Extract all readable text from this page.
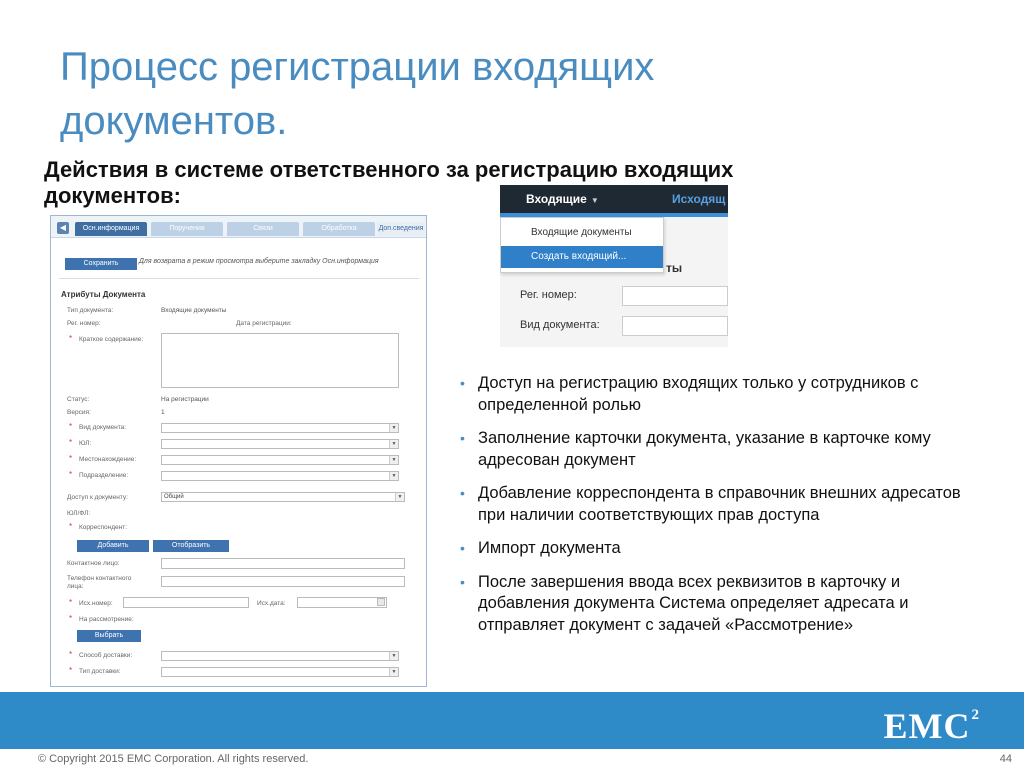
Процесс регистрации входящих документов.
Действия в системе ответственного за регистрацию входящих документов:
◀	Осн.информация	Поручения	Связи	Обработка	Доп.сведения
Сохранить	Для возврата в режим просмотра выберите закладку Осн.информация
Атрибуты Документа
Тип документа:	Входящие документы
Рег. номер:	Дата регистрации:
* Краткое содержание:
Статус:	На регистрации
Версия:	1
* Вид документа:	▼
* ЮЛ:	▼
* Местонахождение:	▼
* Подразделение:	▼
Доступ к документу:	Общий	▼
ЮЛ/ФЛ:
* Корреспондент:
Добавить	Отобразить
Контактное лицо:
Телефон контактного лица:
* Исх.номер:	Исх.дата:
* На рассмотрение:
Выбрать
* Способ доставки:	▼
* Тип доставки:	▼
Входящие ▼	Исходящ
ты
Рег. номер:
Вид документа:
Входящие документы
Создать входящий...
• Доступ на регистрацию входящих только у сотрудников с определенной ролью
• Заполнение карточки документа, указание в карточке кому адресован документ
• Добавление корреспондента в справочник внешних адресатов при наличии соответствующих прав доступа
• Импорт документа
• После завершения ввода всех реквизитов в карточку и добавления документа Система определяет адресата и отправляет документ с задачей «Рассмотрение»
EMC$^2$
© Copyright 2015 EMC Corporation. All rights reserved.	44
